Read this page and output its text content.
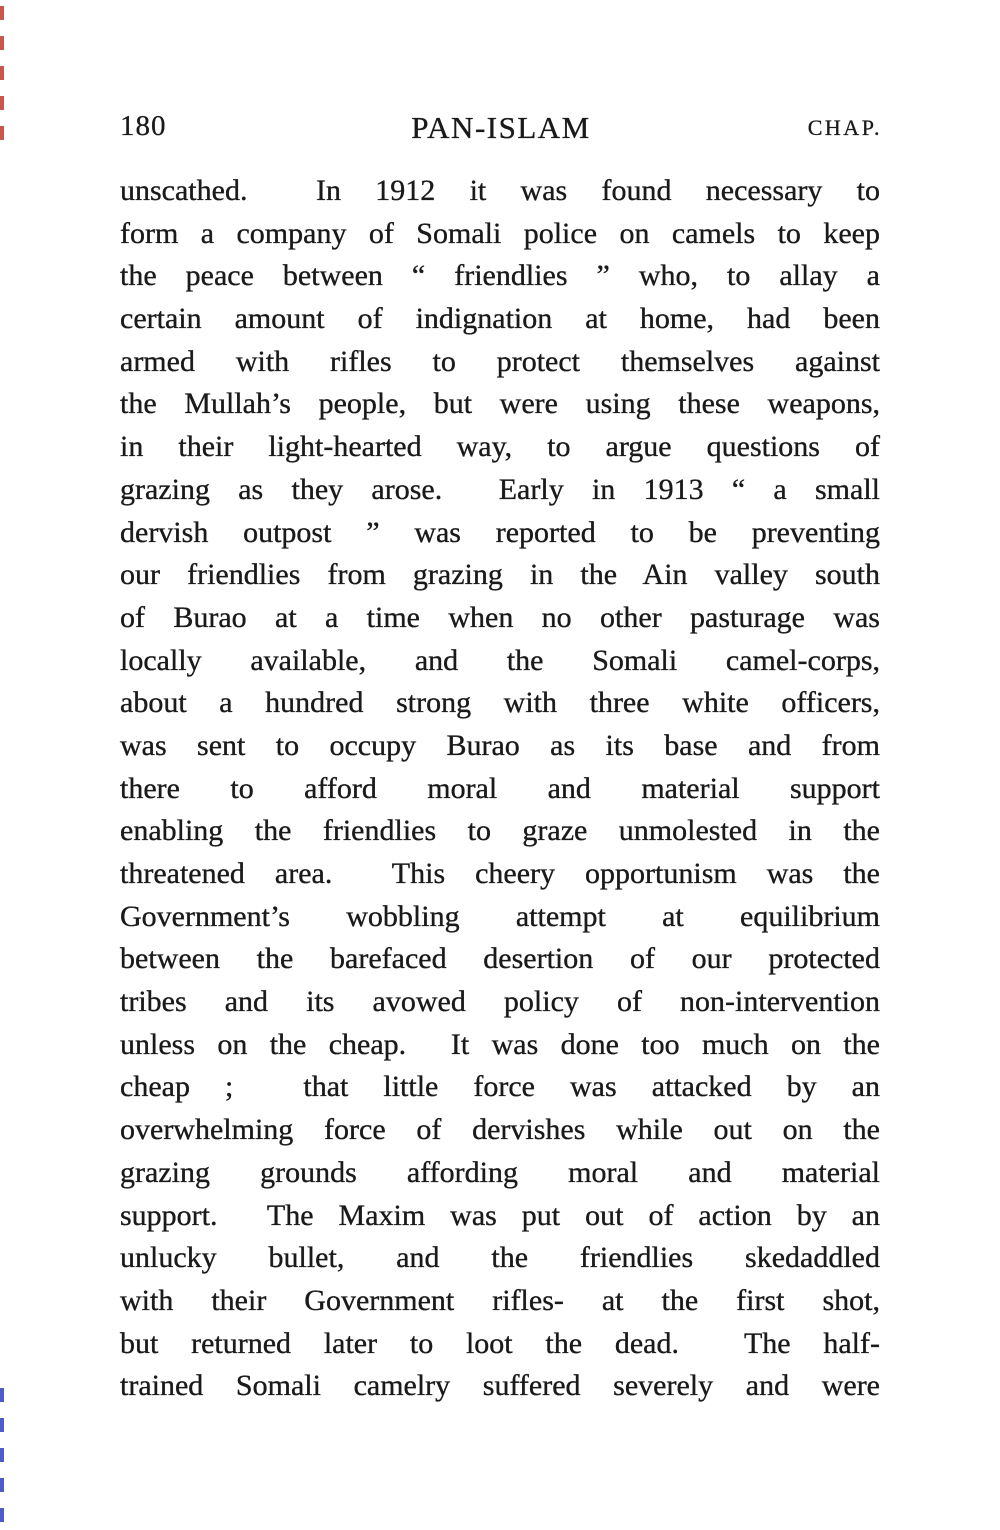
180	PAN-ISLAM	CHAP.
unscathed.  In 1912 it was found necessary to
form a company of Somali police on camels to keep
the peace between “ friendlies ” who, to allay a
certain amount of indignation at home, had been
armed with rifles to protect themselves against
the Mullah’s people, but were using these weapons,
in their light-hearted way, to argue questions of
grazing as they arose.  Early in 1913 “ a small
dervish outpost ” was reported to be preventing
our friendlies from grazing in the Ain valley south
of Burao at a time when no other pasturage was
locally available, and the Somali camel-corps,
about a hundred strong with three white officers,
was sent to occupy Burao as its base and from
there to afford moral and material support
enabling the friendlies to graze unmolested in the
threatened area.  This cheery opportunism was the
Government’s wobbling attempt at equilibrium
between the barefaced desertion of our protected
tribes and its avowed policy of non-intervention
unless on the cheap.  It was done too much on the
cheap ;  that little force was attacked by an
overwhelming force of dervishes while out on the
grazing grounds affording moral and material
support.  The Maxim was put out of action by an
unlucky bullet, and the friendlies skedaddled
with their Government rifles- at the first shot,
but returned later to loot the dead.  The half-
trained Somali camelry suffered severely and were
